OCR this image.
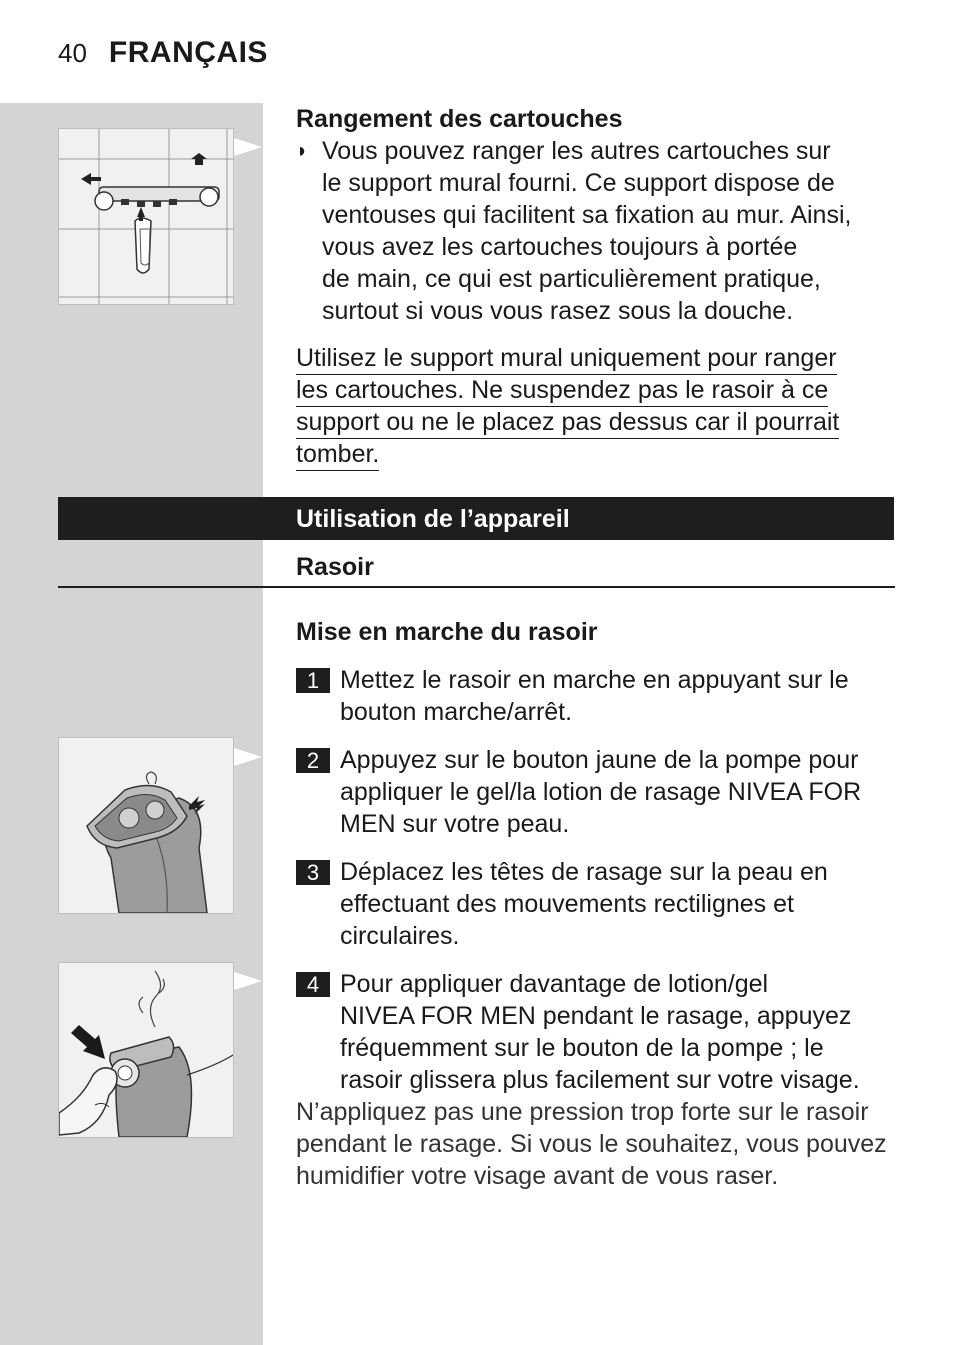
40 FRANÇAIS

Rangement des cartouches

◗ Vous pouvez ranger les autres cartouches sur
le support mural fourni. Ce support dispose de
ventouses qui facilitent sa fixation au mur. Ainsi,
vous avez les cartouches toujours à portée
de main, ce qui est particulièrement pratique,
surtout si vous vous rasez sous la douche.
Utilisez le support mural uniquement pour ranger
les cartouches. Ne suspendez pas le rasoir à ce
support ou ne le placez pas dessus car il pourrait
tomber.
Utilisation de l’appareil

Rasoir

Mise en marche du rasoir

1 Mettez le rasoir en marche en appuyant sur le
bouton marche/arrêt.
2 Appuyez sur le bouton jaune de la pompe pour
appliquer le gel/la lotion de rasage NIVEA FOR
MEN sur votre peau.
3 Déplacez les têtes de rasage sur la peau en
effectuant des mouvements rectilignes et
circulaires.
4 Pour appliquer davantage de lotion/gel
NIVEA FOR MEN pendant le rasage, appuyez
fréquemment sur le bouton de la pompe ; le
rasoir glissera plus facilement sur votre visage.
N’appliquez pas une pression trop forte sur le rasoir
pendant le rasage. Si vous le souhaitez, vous pouvez
humidifier votre visage avant de vous raser.
